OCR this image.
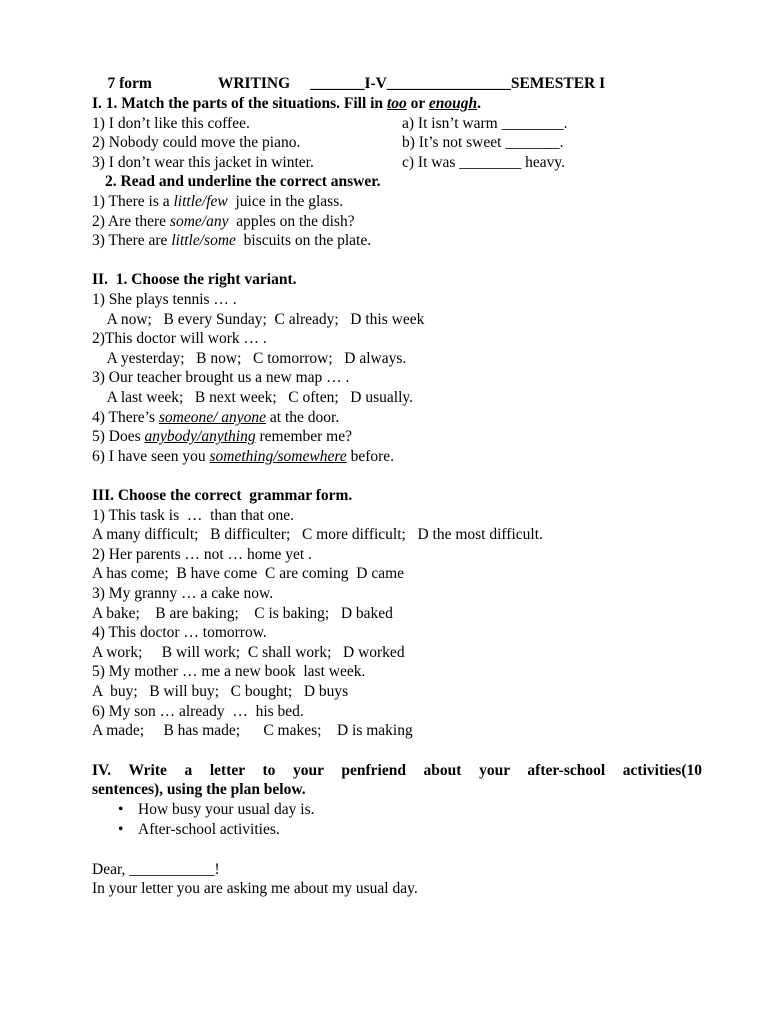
7 form	WRITING _______I-V________________SEMESTER I

I. 1. Match the parts of the situations. Fill in too or enough.
1) I don’t like this coffee.	a) It isn’t warm ________.
2) Nobody could move the piano.	b) It’s not sweet _______.
3) I don’t wear this jacket in winter.	c) It was ________ heavy.
2. Read and underline the correct answer.
1) There is a little/few  juice in the glass.
2) Are there some/any  apples on the dish?
3) There are little/some  biscuits on the plate.
II.  1. Choose the right variant.
1) She plays tennis … .
A now;   B every Sunday;  C already;   D this week
2)This doctor will work … .
A yesterday;   B now;   C tomorrow;   D always.
3) Our teacher brought us a new map … .
A last week;   B next week;   C often;   D usually.
4) There’s someone/ anyone at the door.
5) Does anybody/anything remember me?
6) I have seen you something/somewhere before.
III. Choose the correct  grammar form.
1) This task is  …  than that one.
A many difficult;   B difficulter;   C more difficult;   D the most difficult.
2) Her parents … not … home yet .
A has come;  B have come  C are coming  D came
3) My granny … a cake now.
A bake;    B are baking;    C is baking;   D baked
4) This doctor … tomorrow.
A work;     B will work;  C shall work;   D worked
5) My mother … me a new book  last week.
A  buy;   B will buy;   C bought;   D buys
6) My son … already  …  his bed.
A made;     B has made;      C makes;    D is making
IV. Write a letter to your penfriend about your after-school activities(10
sentences), using the plan below.
• How busy your usual day is.
• After-school activities.
Dear, ___________!
In your letter you are asking me about my usual day.
